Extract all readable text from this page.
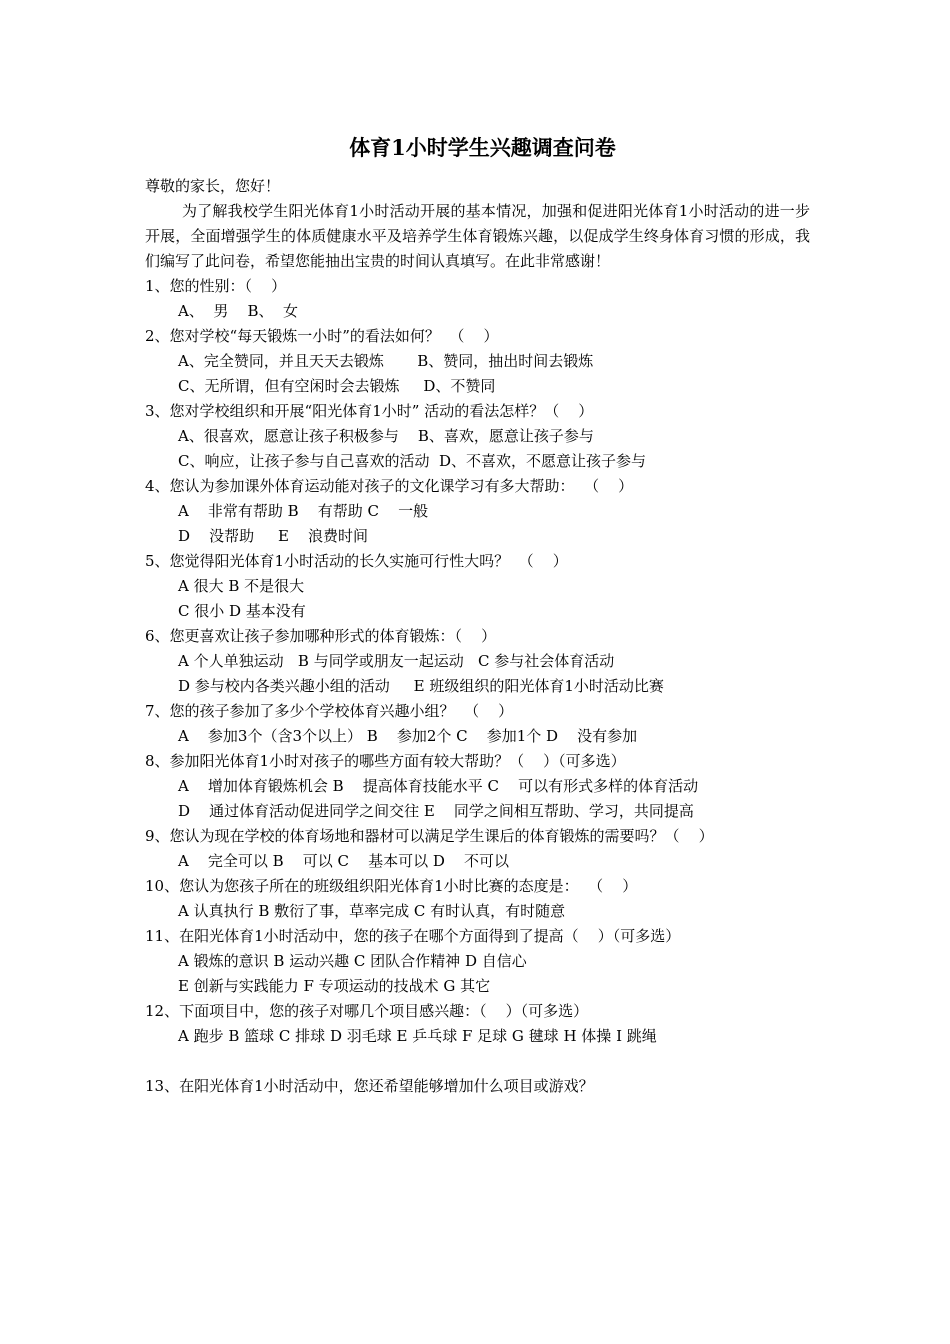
体育1小时学生兴趣调查问卷
尊敬的家长，您好！

为了解我校学生阳光体育1小时活动开展的基本情况，加强和促进阳光体育1小时活动的进一步开展，全面增强学生的体质健康水平及培养学生体育锻炼兴趣，以促成学生终身体育习惯的形成，我们编写了此问卷，希望您能抽出宝贵的时间认真填写。在此非常感谢！

1、您的性别：（    ）
A、  男    B、  女
2、您对学校“每天锻炼一小时”的看法如何？  （    ）
A、完全赞同，并且天天去锻炼       B、赞同，抽出时间去锻炼
C、无所谓，但有空闲时会去锻炼     D、不赞同
3、您对学校组织和开展“阳光体育1小时” 活动的看法怎样？（    ）
A、很喜欢，愿意让孩子积极参与    B、喜欢，愿意让孩子参与
C、响应，让孩子参与自己喜欢的活动  D、不喜欢，不愿意让孩子参与
4、您认为参加课外体育运动能对孩子的文化课学习有多大帮助：  （    ）
A    非常有帮助 B    有帮助 C    一般
D    没帮助     E    浪费时间
5、您觉得阳光体育1小时活动的长久实施可行性大吗？  （    ）
A 很大 B 不是很大
C 很小 D 基本没有
6、您更喜欢让孩子参加哪种形式的体育锻炼：（    ）
A 个人单独运动   B 与同学或朋友一起运动   C 参与社会体育活动
D 参与校内各类兴趣小组的活动     E 班级组织的阳光体育1小时活动比赛
7、您的孩子参加了多少个学校体育兴趣小组？  （    ）
A    参加3个（含3个以上） B    参加2个 C    参加1个 D    没有参加
8、参加阳光体育1小时对孩子的哪些方面有较大帮助？（    ）（可多选）
A    增加体育锻炼机会 B    提高体育技能水平 C    可以有形式多样的体育活动
D    通过体育活动促进同学之间交往 E    同学之间相互帮助、学习，共同提高
9、您认为现在学校的体育场地和器材可以满足学生课后的体育锻炼的需要吗？（    ）
A    完全可以 B    可以 C    基本可以 D    不可以
10、您认为您孩子所在的班级组织阳光体育1小时比赛的态度是：  （    ）
A 认真执行 B 敷衍了事，草率完成 C 有时认真，有时随意
11、在阳光体育1小时活动中，您的孩子在哪个方面得到了提高（    ）（可多选）
A 锻炼的意识 B 运动兴趣 C 团队合作精神 D 自信心
E 创新与实践能力 F 专项运动的技战术 G 其它
12、下面项目中，您的孩子对哪几个项目感兴趣：（    ）（可多选）
A 跑步 B 篮球 C 排球 D 羽毛球 E 乒乓球 F 足球 G 毽球 H 体操 I 跳绳
13、在阳光体育1小时活动中，您还希望能够增加什么项目或游戏？
